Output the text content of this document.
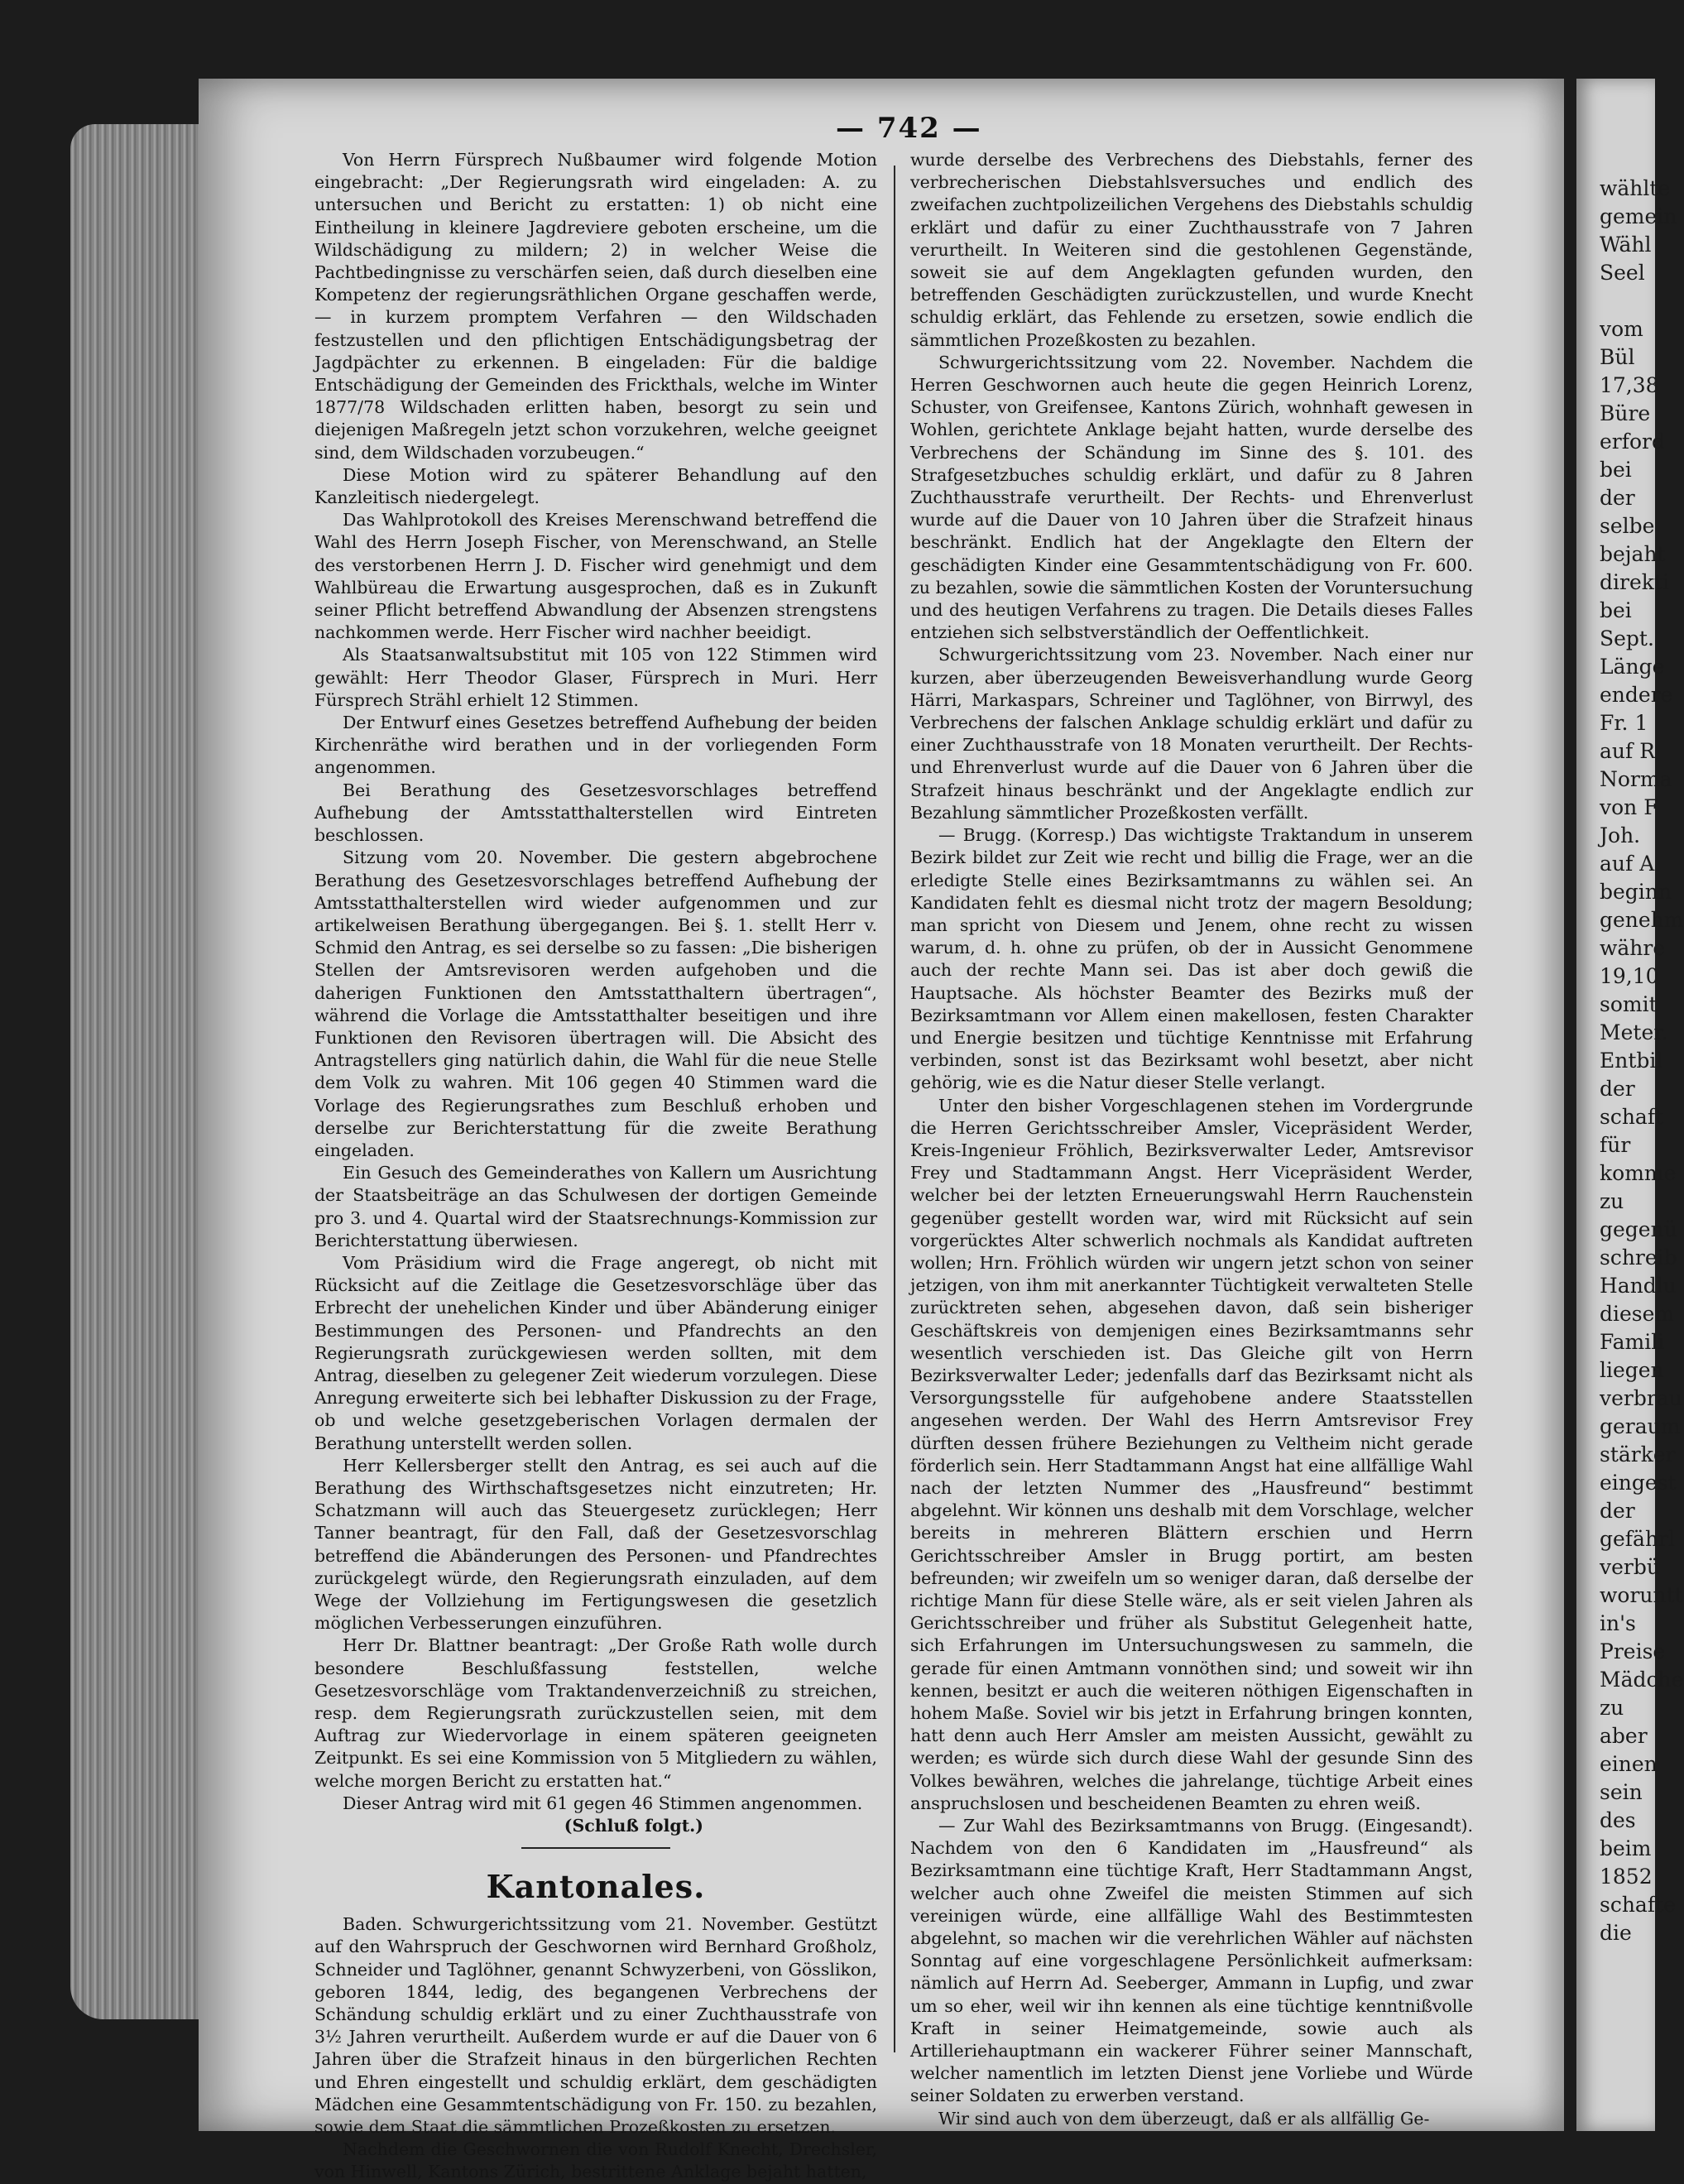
— 742 —

Von Herrn Fürsprech Nußbaumer wird folgende Motion eingebracht: „Der Regierungsrath wird eingeladen: A. zu untersuchen und Bericht zu erstatten: 1) ob nicht eine Eintheilung in kleinere Jagdreviere geboten erscheine, um die Wildschädigung zu mildern; 2) in welcher Weise die Pachtbedingnisse zu verschärfen seien, daß durch dieselben eine Kompetenz der regierungsräthlichen Organe geschaffen werde, — in kurzem promptem Verfahren — den Wildschaden festzustellen und den pflichtigen Entschädigungsbetrag der Jagdpächter zu erkennen. B eingeladen: Für die baldige Entschädigung der Gemeinden des Frickthals, welche im Winter 1877/78 Wildschaden erlitten haben, besorgt zu sein und diejenigen Maßregeln jetzt schon vorzukehren, welche geeignet sind, dem Wildschaden vorzubeugen.“

Diese Motion wird zu späterer Behandlung auf den Kanzleitisch niedergelegt.

Das Wahlprotokoll des Kreises Merenschwand betreffend die Wahl des Herrn Joseph Fischer, von Merenschwand, an Stelle des verstorbenen Herrn J. D. Fischer wird genehmigt und dem Wahlbüreau die Erwartung ausgesprochen, daß es in Zukunft seiner Pflicht betreffend Abwandlung der Absenzen strengstens nachkommen werde. Herr Fischer wird nachher beeidigt.

Als Staatsanwaltsubstitut mit 105 von 122 Stimmen wird gewählt: Herr Theodor Glaser, Fürsprech in Muri. Herr Fürsprech Strähl erhielt 12 Stimmen.

Der Entwurf eines Gesetzes betreffend Aufhebung der beiden Kirchenräthe wird berathen und in der vorliegenden Form angenommen.

Bei Berathung des Gesetzesvorschlages betreffend Aufhebung der Amtsstatthalterstellen wird Eintreten beschlossen.

Sitzung vom 20. November. Die gestern abgebrochene Berathung des Gesetzesvorschlages betreffend Aufhebung der Amtsstatthalterstellen wird wieder aufgenommen und zur artikelweisen Berathung übergegangen. Bei §. 1. stellt Herr v. Schmid den Antrag, es sei derselbe so zu fassen: „Die bisherigen Stellen der Amtsrevisoren werden aufgehoben und die daherigen Funktionen den Amtsstatthaltern übertragen“, während die Vorlage die Amtsstatthalter beseitigen und ihre Funktionen den Revisoren übertragen will. Die Absicht des Antragstellers ging natürlich dahin, die Wahl für die neue Stelle dem Volk zu wahren. Mit 106 gegen 40 Stimmen ward die Vorlage des Regierungsrathes zum Beschluß erhoben und derselbe zur Berichterstattung für die zweite Berathung eingeladen.

Ein Gesuch des Gemeinderathes von Kallern um Ausrichtung der Staatsbeiträge an das Schulwesen der dortigen Gemeinde pro 3. und 4. Quartal wird der Staatsrechnungs-Kommission zur Berichterstattung überwiesen.

Vom Präsidium wird die Frage angeregt, ob nicht mit Rücksicht auf die Zeitlage die Gesetzesvorschläge über das Erbrecht der unehelichen Kinder und über Abänderung einiger Bestimmungen des Personen- und Pfandrechts an den Regierungsrath zurückgewiesen werden sollten, mit dem Antrag, dieselben zu gelegener Zeit wiederum vorzulegen. Diese Anregung erweiterte sich bei lebhafter Diskussion zu der Frage, ob und welche gesetzgeberischen Vorlagen dermalen der Berathung unterstellt werden sollen.

Herr Kellersberger stellt den Antrag, es sei auch auf die Berathung des Wirthschaftsgesetzes nicht einzutreten; Hr. Schatzmann will auch das Steuergesetz zurücklegen; Herr Tanner beantragt, für den Fall, daß der Gesetzesvorschlag betreffend die Abänderungen des Personen- und Pfandrechtes zurückgelegt würde, den Regierungsrath einzuladen, auf dem Wege der Vollziehung im Fertigungswesen die gesetzlich möglichen Verbesserungen einzuführen.

Herr Dr. Blattner beantragt: „Der Große Rath wolle durch besondere Beschlußfassung feststellen, welche Gesetzesvorschläge vom Traktandenverzeichniß zu streichen, resp. dem Regierungsrath zurückzustellen seien, mit dem Auftrag zur Wiedervorlage in einem späteren geeigneten Zeitpunkt. Es sei eine Kommission von 5 Mitgliedern zu wählen, welche morgen Bericht zu erstatten hat.“

Dieser Antrag wird mit 61 gegen 46 Stimmen angenommen.

(Schluß folgt.)

Kantonales.

Baden. Schwurgerichtssitzung vom 21. November. Gestützt auf den Wahrspruch der Geschwornen wird Bernhard Großholz, Schneider und Taglöhner, genannt Schwyzerbeni, von Gösslikon, geboren 1844, ledig, des begangenen Verbrechens der Schändung schuldig erklärt und zu einer Zuchthausstrafe von 3½ Jahren verurtheilt. Außerdem wurde er auf die Dauer von 6 Jahren über die Strafzeit hinaus in den bürgerlichen Rechten und Ehren eingestellt und schuldig erklärt, dem geschädigten Mädchen eine Gesammtentschädigung von Fr. 150. zu bezahlen, sowie dem Staat die sämmtlichen Prozeßkosten zu ersetzen.

Nachdem die Geschwornen die von Rudolf Knecht, Drechsler, von Hinwell, Kantons Zürich, bestrittene Anklage bejaht hatten,

wurde derselbe des Verbrechens des Diebstahls, ferner des verbrecherischen Diebstahlsversuches und endlich des zweifachen zuchtpolizeilichen Vergehens des Diebstahls schuldig erklärt und dafür zu einer Zuchthausstrafe von 7 Jahren verurtheilt. In Weiteren sind die gestohlenen Gegenstände, soweit sie auf dem Angeklagten gefunden wurden, den betreffenden Geschädigten zurückzustellen, und wurde Knecht schuldig erklärt, das Fehlende zu ersetzen, sowie endlich die sämmtlichen Prozeßkosten zu bezahlen.

Schwurgerichtssitzung vom 22. November. Nachdem die Herren Geschwornen auch heute die gegen Heinrich Lorenz, Schuster, von Greifensee, Kantons Zürich, wohnhaft gewesen in Wohlen, gerichtete Anklage bejaht hatten, wurde derselbe des Verbrechens der Schändung im Sinne des §. 101. des Strafgesetzbuches schuldig erklärt, und dafür zu 8 Jahren Zuchthausstrafe verurtheilt. Der Rechts- und Ehrenverlust wurde auf die Dauer von 10 Jahren über die Strafzeit hinaus beschränkt. Endlich hat der Angeklagte den Eltern der geschädigten Kinder eine Gesammtentschädigung von Fr. 600. zu bezahlen, sowie die sämmtlichen Kosten der Voruntersuchung und des heutigen Verfahrens zu tragen. Die Details dieses Falles entziehen sich selbstverständlich der Oeffentlichkeit.

Schwurgerichtssitzung vom 23. November. Nach einer nur kurzen, aber überzeugenden Beweisverhandlung wurde Georg Härri, Markaspars, Schreiner und Taglöhner, von Birrwyl, des Verbrechens der falschen Anklage schuldig erklärt und dafür zu einer Zuchthausstrafe von 18 Monaten verurtheilt. Der Rechts- und Ehrenverlust wurde auf die Dauer von 6 Jahren über die Strafzeit hinaus beschränkt und der Angeklagte endlich zur Bezahlung sämmtlicher Prozeßkosten verfällt.

— Brugg. (Korresp.) Das wichtigste Traktandum in unserem Bezirk bildet zur Zeit wie recht und billig die Frage, wer an die erledigte Stelle eines Bezirksamtmanns zu wählen sei. An Kandidaten fehlt es diesmal nicht trotz der magern Besoldung; man spricht von Diesem und Jenem, ohne recht zu wissen warum, d. h. ohne zu prüfen, ob der in Aussicht Genommene auch der rechte Mann sei. Das ist aber doch gewiß die Hauptsache. Als höchster Beamter des Bezirks muß der Bezirksamtmann vor Allem einen makellosen, festen Charakter und Energie besitzen und tüchtige Kenntnisse mit Erfahrung verbinden, sonst ist das Bezirksamt wohl besetzt, aber nicht gehörig, wie es die Natur dieser Stelle verlangt.

Unter den bisher Vorgeschlagenen stehen im Vordergrunde die Herren Gerichtsschreiber Amsler, Vicepräsident Werder, Kreis-Ingenieur Fröhlich, Bezirksverwalter Leder, Amtsrevisor Frey und Stadtammann Angst. Herr Vicepräsident Werder, welcher bei der letzten Erneuerungswahl Herrn Rauchenstein gegenüber gestellt worden war, wird mit Rücksicht auf sein vorgerücktes Alter schwerlich nochmals als Kandidat auftreten wollen; Hrn. Fröhlich würden wir ungern jetzt schon von seiner jetzigen, von ihm mit anerkannter Tüchtigkeit verwalteten Stelle zurücktreten sehen, abgesehen davon, daß sein bisheriger Geschäftskreis von demjenigen eines Bezirksamtmanns sehr wesentlich verschieden ist. Das Gleiche gilt von Herrn Bezirksverwalter Leder; jedenfalls darf das Bezirksamt nicht als Versorgungsstelle für aufgehobene andere Staatsstellen angesehen werden. Der Wahl des Herrn Amtsrevisor Frey dürften dessen frühere Beziehungen zu Veltheim nicht gerade förderlich sein. Herr Stadtammann Angst hat eine allfällige Wahl nach der letzten Nummer des „Hausfreund“ bestimmt abgelehnt. Wir können uns deshalb mit dem Vorschlage, welcher bereits in mehreren Blättern erschien und Herrn Gerichtsschreiber Amsler in Brugg portirt, am besten befreunden; wir zweifeln um so weniger daran, daß derselbe der richtige Mann für diese Stelle wäre, als er seit vielen Jahren als Gerichtsschreiber und früher als Substitut Gelegenheit hatte, sich Erfahrungen im Untersuchungswesen zu sammeln, die gerade für einen Amtmann vonnöthen sind; und soweit wir ihn kennen, besitzt er auch die weiteren nöthigen Eigenschaften in hohem Maße. Soviel wir bis jetzt in Erfahrung bringen konnten, hatt denn auch Herr Amsler am meisten Aussicht, gewählt zu werden; es würde sich durch diese Wahl der gesunde Sinn des Volkes bewähren, welches die jahrelange, tüchtige Arbeit eines anspruchslosen und bescheidenen Beamten zu ehren weiß.

— Zur Wahl des Bezirksamtmanns von Brugg. (Eingesandt). Nachdem von den 6 Kandidaten im „Hausfreund“ als Bezirksamtmann eine tüchtige Kraft, Herr Stadtammann Angst, welcher auch ohne Zweifel die meisten Stimmen auf sich vereinigen würde, eine allfällige Wahl des Bestimmtesten abgelehnt, so machen wir die verehrlichen Wähler auf nächsten Sonntag auf eine vorgeschlagene Persönlichkeit aufmerksam: nämlich auf Herrn Ad. Seeberger, Ammann in Lupfig, und zwar um so eher, weil wir ihn kennen als eine tüchtige kenntnißvolle Kraft in seiner Heimatgemeinde, sowie auch als Artilleriehauptmann ein wackerer Führer seiner Mannschaft, welcher namentlich im letzten Dienst jene Vorliebe und Würde seiner Soldaten zu erwerben verstand.

Wir sind auch von dem überzeugt, daß er als allfällig Ge-

wählte
gemein
Wähl
Seel
vom
Bül
17,38
Büre
erford
bei
der
selbe
bejaht
direkti
bei
Sept.
Länge
endere
Fr. 1
auf R
Norma
von F
Joh.
auf A
beginn
genehm
währe
19,10
somit
Meter.
Entbil
der
schaft
für
komme
zu
gegenü
schreib
Handlu
diesem
Famili
liegen
verbrau
geraum
stärker
eingest
der
gefährl
verbü
woruntt
in's
Preise
Mädche
zu
aber
einen
sein
des
beim
1852
schafte
die
